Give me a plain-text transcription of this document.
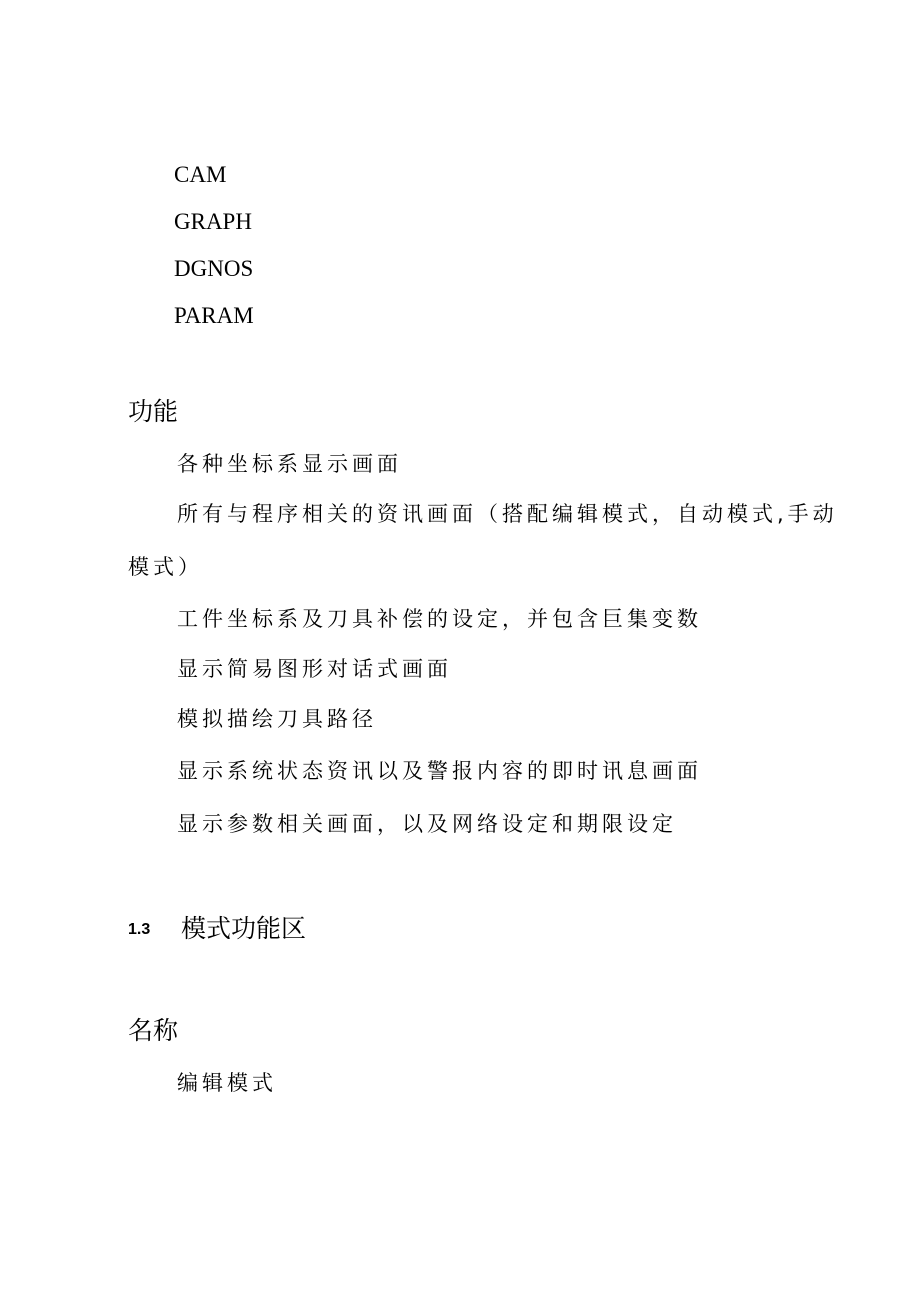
CAM
GRAPH
DGNOS
PARAM
功能
各种坐标系显示画面
所有与程序相关的资讯画面（搭配编辑模式，自动模式,手动
模式）
工件坐标系及刀具补偿的设定，并包含巨集变数
显示简易图形对话式画面
模拟描绘刀具路径
显示系统状态资讯以及警报内容的即时讯息画面
显示参数相关画面，以及网络设定和期限设定
1.3 模式功能区
名称
编辑模式
